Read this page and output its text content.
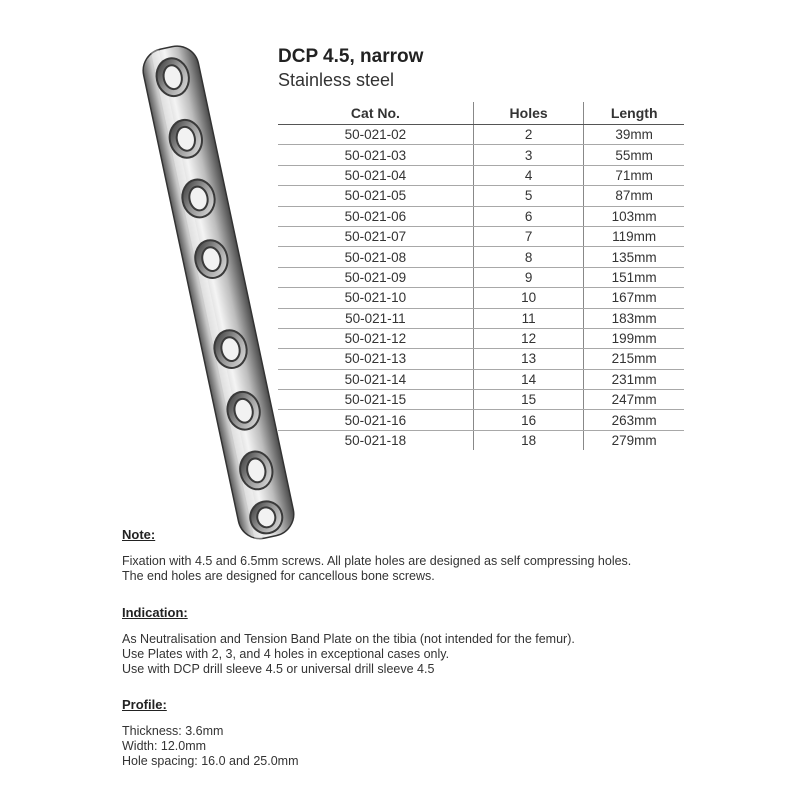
DCP 4.5, narrow
Stainless steel
Cat No.	Holes	Length
50-021-02	2	39mm
50-021-03	3	55mm
50-021-04	4	71mm
50-021-05	5	87mm
50-021-06	6	103mm
50-021-07	7	119mm
50-021-08	8	135mm
50-021-09	9	151mm
50-021-10	10	167mm
50-021-11	11	183mm
50-021-12	12	199mm
50-021-13	13	215mm
50-021-14	14	231mm
50-021-15	15	247mm
50-021-16	16	263mm
50-021-18	18	279mm
Note:

Fixation with 4.5 and 6.5mm screws. All plate holes are designed as self compressing holes.

The end holes are designed for cancellous bone screws.

Indication:

As Neutralisation and Tension Band Plate on the tibia (not intended for the femur).

Use Plates with 2, 3, and 4 holes in exceptional cases only.

Use with DCP drill sleeve 4.5 or universal drill sleeve 4.5

Profile:

Thickness: 3.6mm

Width: 12.0mm

Hole spacing: 16.0 and 25.0mm
